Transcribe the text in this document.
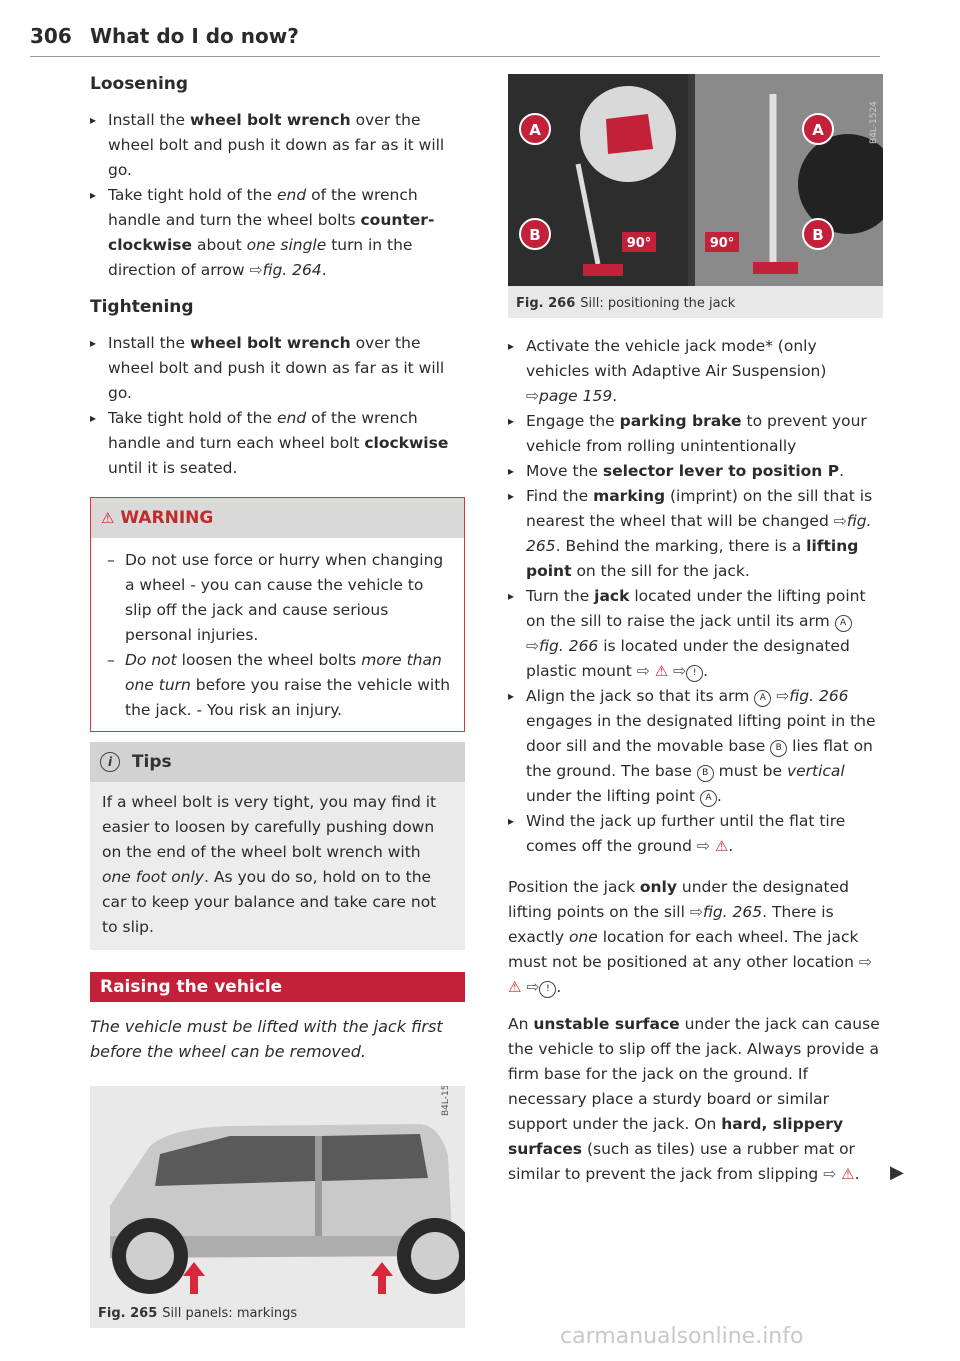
306 What do I do now?
Loosening

▸ Install the wheel bolt wrench over the wheel bolt and push it down as far as it will go.

▸ Take tight hold of the end of the wrench handle and turn the wheel bolts counter-clockwise about one single turn in the direction of arrow ⇨fig. 264.

Tightening

▸ Install the wheel bolt wrench over the wheel bolt and push it down as far as it will go.

▸ Take tight hold of the end of the wrench handle and turn each wheel bolt clockwise until it is seated.

⚠ WARNING

– Do not use force or hurry when changing a wheel - you can cause the vehicle to slip off the jack and cause serious personal injuries.

– Do not loosen the wheel bolts more than one turn before you raise the vehicle with the jack. - You risk an injury.

i Tips
If a wheel bolt is very tight, you may find it easier to loosen by carefully pushing down on the end of the wheel bolt wrench with one foot only. As you do so, hold on to the car to keep your balance and take care not to slip.
Raising the vehicle
The vehicle must be lifted with the jack first before the wheel can be removed.
B4L-1523
Fig. 265 Sill panels: markings
90°	90°
A
B
A
B
B4L-1524
Fig. 266 Sill: positioning the jack

▸ Activate the vehicle jack mode* (only vehicles with Adaptive Air Suspension) ⇨page 159.

▸ Engage the parking brake to prevent your vehicle from rolling unintentionally

▸ Move the selector lever to position P.

▸ Find the marking (imprint) on the sill that is nearest the wheel that will be changed ⇨fig. 265. Behind the marking, there is a lifting point on the sill for the jack.

▸ Turn the jack located under the lifting point on the sill to raise the jack until its arm A ⇨fig. 266 is located under the designated plastic mount ⇨ ⚠ ⇨ ! .

▸ Align the jack so that its arm A ⇨fig. 266 engages in the designated lifting point in the door sill and the movable base B lies flat on the ground. The base B must be vertical under the lifting point A .

▸ Wind the jack up further until the flat tire comes off the ground ⇨ ⚠.

Position the jack only under the designated lifting points on the sill ⇨fig. 265. There is exactly one location for each wheel. The jack must not be positioned at any other location ⇨⚠ ⇨ ! .

An unstable surface under the jack can cause the vehicle to slip off the jack. Always provide a firm base for the jack on the ground. If necessary place a sturdy board or similar support under the jack. On hard, slippery surfaces (such as tiles) use a rubber mat or similar to prevent the jack from slipping ⇨ ⚠.	▶
carmanualsonline.info
